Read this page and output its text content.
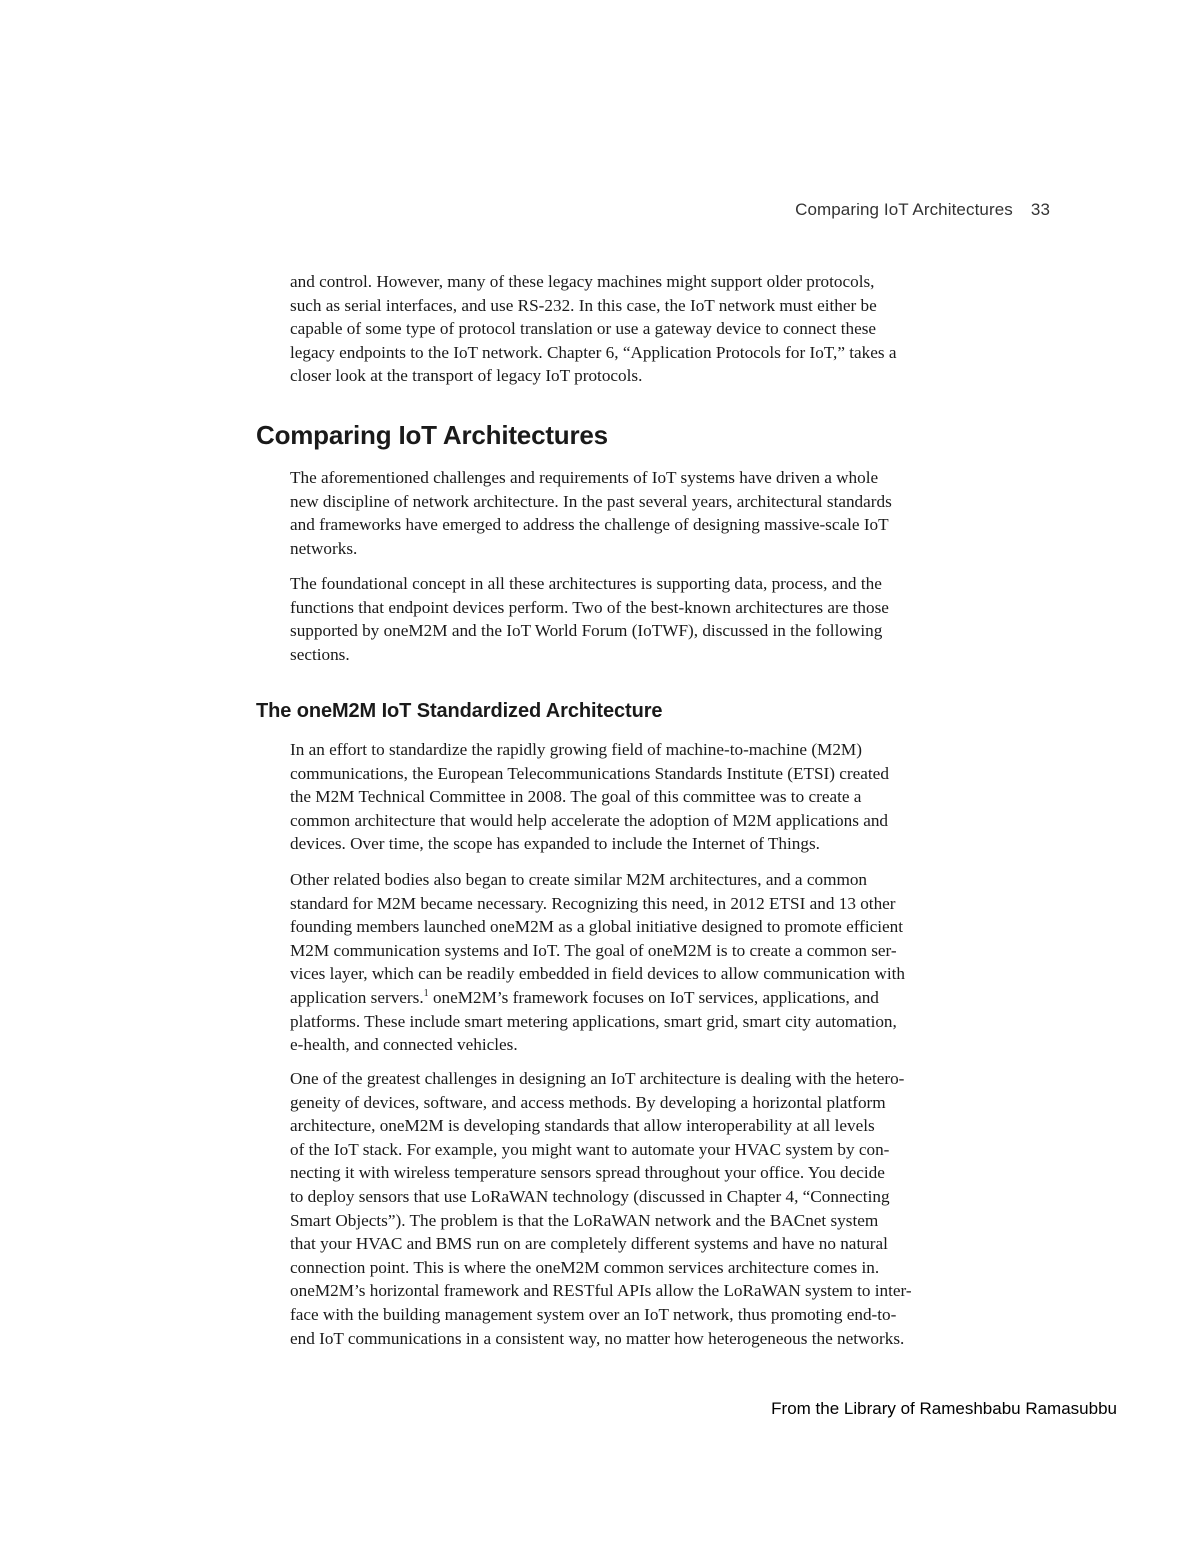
Comparing IoT Architectures 33
and control. However, many of these legacy machines might support older protocols,
such as serial interfaces, and use RS-232. In this case, the IoT network must either be
capable of some type of protocol translation or use a gateway device to connect these
legacy endpoints to the IoT network. Chapter 6, “Application Protocols for IoT,” takes a
closer look at the transport of legacy IoT protocols.
Comparing IoT Architectures
The aforementioned challenges and requirements of IoT systems have driven a whole
new discipline of network architecture. In the past several years, architectural standards
and frameworks have emerged to address the challenge of designing massive-scale IoT
networks.
The foundational concept in all these architectures is supporting data, process, and the
functions that endpoint devices perform. Two of the best-known architectures are those
supported by oneM2M and the IoT World Forum (IoTWF), discussed in the following
sections.
The oneM2M IoT Standardized Architecture
In an effort to standardize the rapidly growing field of machine-to-machine (M2M)
communications, the European Telecommunications Standards Institute (ETSI) created
the M2M Technical Committee in 2008. The goal of this committee was to create a
common architecture that would help accelerate the adoption of M2M applications and
devices. Over time, the scope has expanded to include the Internet of Things.
Other related bodies also began to create similar M2M architectures, and a common
standard for M2M became necessary. Recognizing this need, in 2012 ETSI and 13 other
founding members launched oneM2M as a global initiative designed to promote efficient
M2M communication systems and IoT. The goal of oneM2M is to create a common ser-
vices layer, which can be readily embedded in field devices to allow communication with
application servers.$^1$ oneM2M’s framework focuses on IoT services, applications, and
platforms. These include smart metering applications, smart grid, smart city automation,
e-health, and connected vehicles.
One of the greatest challenges in designing an IoT architecture is dealing with the hetero-
geneity of devices, software, and access methods. By developing a horizontal platform
architecture, oneM2M is developing standards that allow interoperability at all levels
of the IoT stack. For example, you might want to automate your HVAC system by con-
necting it with wireless temperature sensors spread throughout your office. You decide
to deploy sensors that use LoRaWAN technology (discussed in Chapter 4, “Connecting
Smart Objects”). The problem is that the LoRaWAN network and the BACnet system
that your HVAC and BMS run on are completely different systems and have no natural
connection point. This is where the oneM2M common services architecture comes in.
oneM2M’s horizontal framework and RESTful APIs allow the LoRaWAN system to inter-
face with the building management system over an IoT network, thus promoting end-to-
end IoT communications in a consistent way, no matter how heterogeneous the networks.
From the Library of Rameshbabu Ramasubbu
